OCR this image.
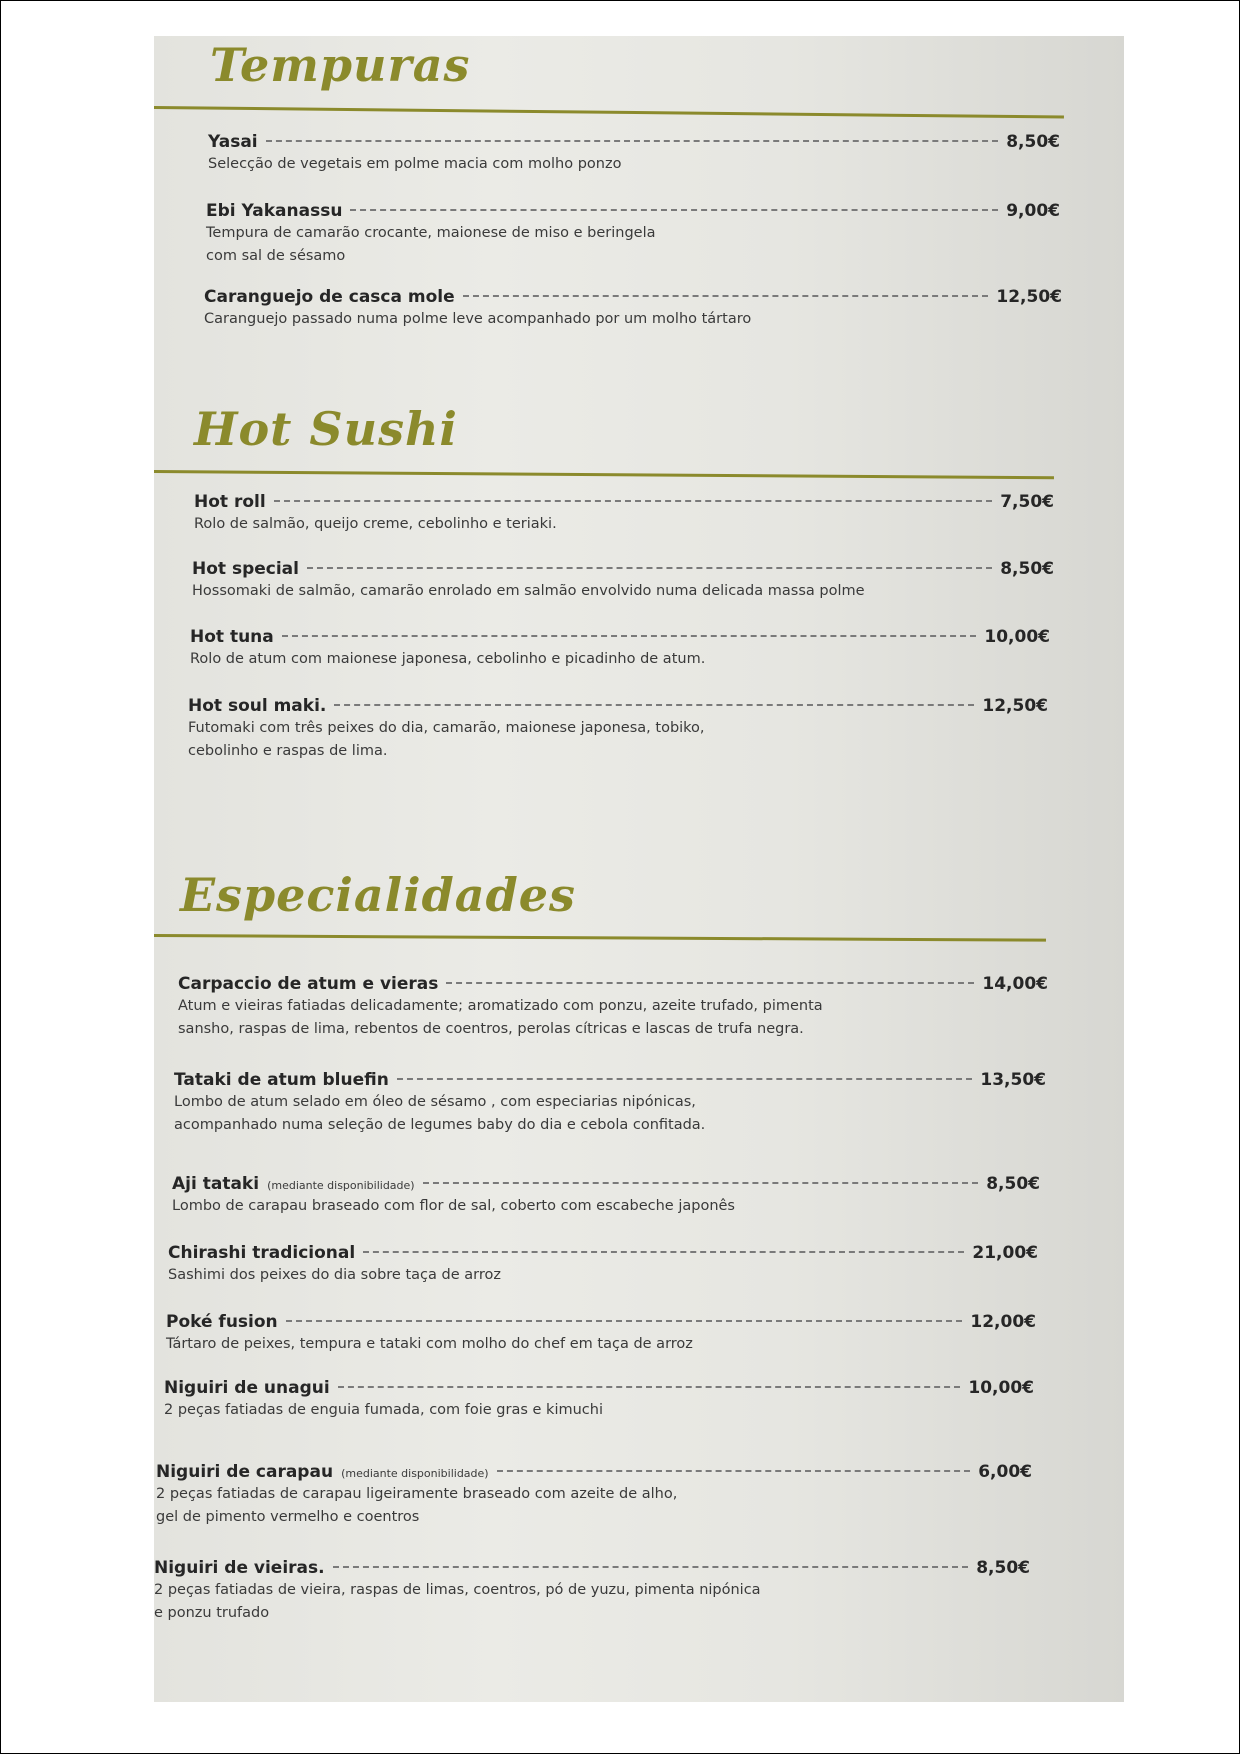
Tempuras
Yasai	8,50€
Selecção de vegetais em polme macia com molho ponzo
Ebi Yakanassu	9,00€
Tempura de camarão crocante, maionese de miso e beringela
com sal de sésamo
Caranguejo de casca mole	12,50€
Caranguejo passado numa polme leve acompanhado por um molho tártaro
Hot Sushi
Hot roll	7,50€
Rolo de salmão, queijo creme, cebolinho e teriaki.
Hot special	8,50€
Hossomaki de salmão, camarão enrolado em salmão envolvido numa delicada massa polme
Hot tuna	10,00€
Rolo de atum com maionese japonesa, cebolinho e picadinho de atum.
Hot soul maki.	12,50€
Futomaki com três peixes do dia, camarão, maionese japonesa, tobiko,
cebolinho e raspas de lima.
Especialidades
Carpaccio de atum e vieras	14,00€
Atum e vieiras fatiadas delicadamente; aromatizado com ponzu, azeite trufado, pimenta
sansho, raspas de lima, rebentos de coentros, perolas cítricas e lascas de trufa negra.
Tataki de atum bluefin	13,50€
Lombo de atum selado em óleo de sésamo , com especiarias nipónicas,
acompanhado numa seleção de legumes baby do dia e cebola confitada.
Aji tataki (mediante disponibilidade)	8,50€
Lombo de carapau braseado com flor de sal, coberto com escabeche japonês
Chirashi tradicional	21,00€
Sashimi dos peixes do dia sobre taça de arroz
Poké fusion	12,00€
Tártaro de peixes, tempura e tataki com molho do chef em taça de arroz
Niguiri de unagui	10,00€
2 peças fatiadas de enguia fumada, com foie gras e kimuchi
Niguiri de carapau (mediante disponibilidade)	6,00€
2 peças fatiadas de carapau ligeiramente braseado com azeite de alho,
gel de pimento vermelho e coentros
Niguiri de vieiras.	8,50€
2 peças fatiadas de vieira, raspas de limas, coentros, pó de yuzu, pimenta nipónica
e ponzu trufado
